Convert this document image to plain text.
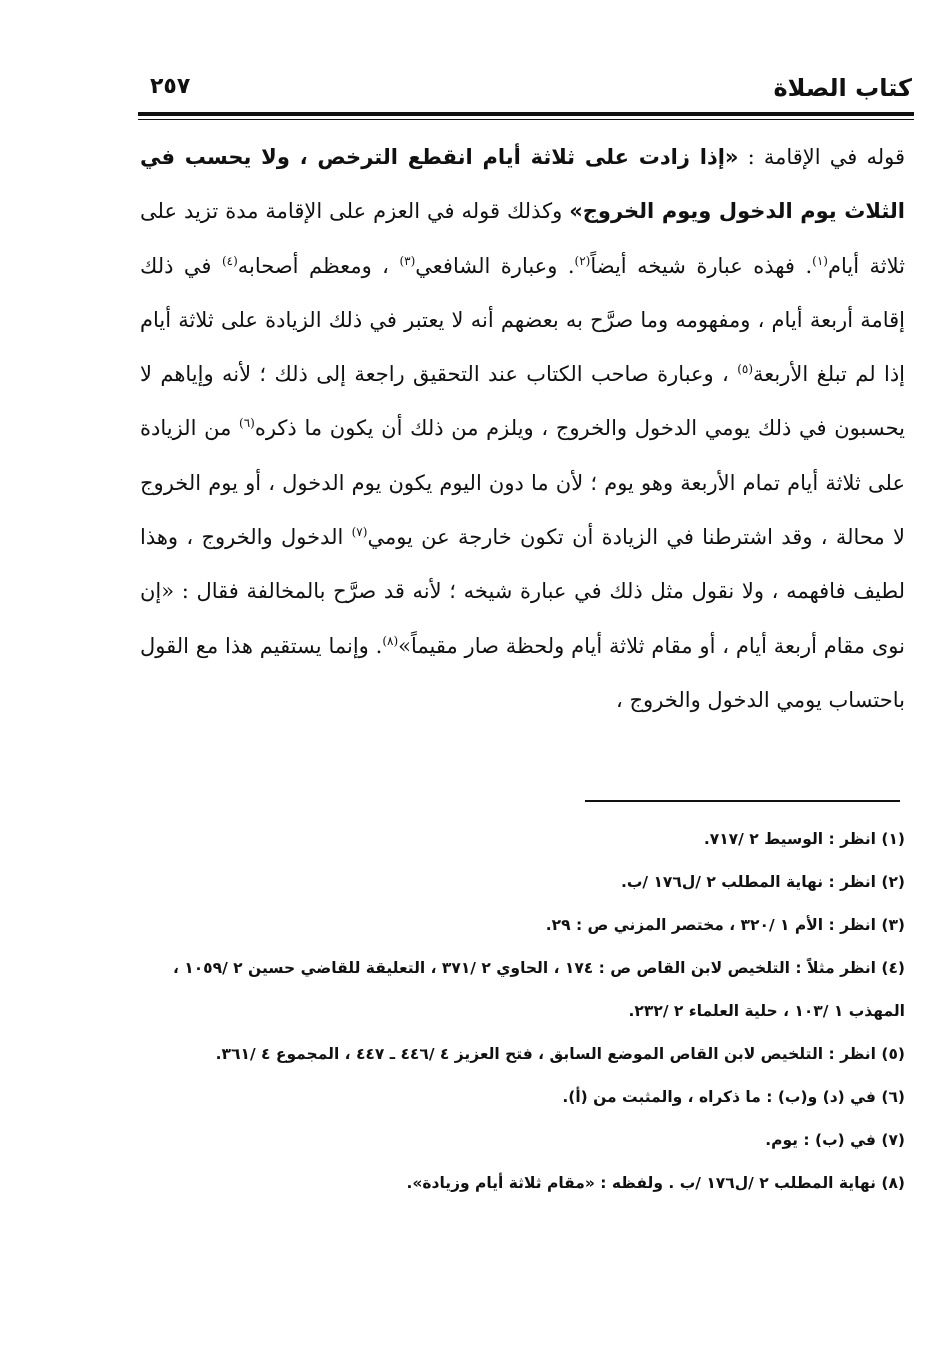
كتاب الصلاة
٢٥٧

قوله في الإقامة : «إذا زادت على ثلاثة أيام انقطع الترخص ، ولا يحسب في الثلاث يوم الدخول ويوم الخروج» وكذلك قوله في العزم على الإقامة مدة تزيد على ثلاثة أيام$^{(١)}$. فهذه عبارة شيخه أيضاً$^{(٢)}$. وعبارة الشافعي$^{(٣)}$ ، ومعظم أصحابه$^{(٤)}$ في ذلك إقامة أربعة أيام ، ومفهومه وما صرَّح به بعضهم أنه لا يعتبر في ذلك الزيادة على ثلاثة أيام إذا لم تبلغ الأربعة$^{(٥)}$ ، وعبارة صاحب الكتاب عند التحقيق راجعة إلى ذلك ؛ لأنه وإياهم لا يحسبون في ذلك يومي الدخول والخروج ، ويلزم من ذلك أن يكون ما ذكره$^{(٦)}$ من الزيادة على ثلاثة أيام تمام الأربعة وهو يوم ؛ لأن ما دون اليوم يكون يوم الدخول ، أو يوم الخروج لا محالة ، وقد اشترطنا في الزيادة أن تكون خارجة عن يومي$^{(٧)}$ الدخول والخروج ، وهذا لطيف فافهمه ، ولا نقول مثل ذلك في عبارة شيخه ؛ لأنه قد صرَّح بالمخالفة فقال : «إن نوى مقام أربعة أيام ، أو مقام ثلاثة أيام ولحظة صار مقيماً»$^{(٨)}$. وإنما يستقيم هذا مع القول باحتساب يومي الدخول والخروج ،

(١) انظر : الوسيط ٢ /٧١٧.

(٢) انظر : نهاية المطلب ٢ /ل١٧٦ /ب.

(٣) انظر : الأم ١ /٣٢٠ ، مختصر المزني ص : ٢٩.

(٤) انظر مثلاً : التلخيص لابن القاص ص : ١٧٤ ، الحاوي ٢ /٣٧١ ، التعليقة للقاضي حسين ٢ /١٠٥٩ ، المهذب ١ /١٠٣ ، حلية العلماء ٢ /٢٣٢.

(٥) انظر : التلخيص لابن القاص الموضع السابق ، فتح العزيز ٤ /٤٤٦ ـ ٤٤٧ ، المجموع ٤ /٣٦١.

(٦) في (د) و(ب) : ما ذكراه ، والمثبت من (أ).

(٧) في (ب) : يوم.

(٨) نهاية المطلب ٢ /ل١٧٦ /ب . ولفظه : «مقام ثلاثة أيام وزيادة».
